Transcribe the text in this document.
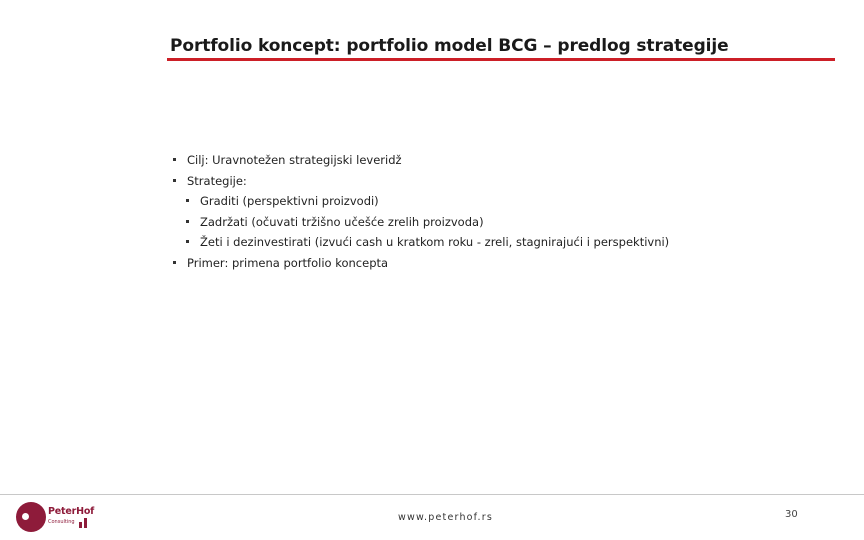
Portfolio koncept: portfolio model BCG – predlog strategije
Cilj: Uravnotežen strategijski leveridž
Strategije:
Graditi (perspektivni proizvodi)
Zadržati (očuvati tržišno učešće zrelih proizvoda)
Žeti i dezinvestirati (izvući cash u kratkom roku - zreli, stagnirajući i perspektivni)
Primer: primena portfolio koncepta
PeterHof
Consulting	www.peterhof.rs	30
